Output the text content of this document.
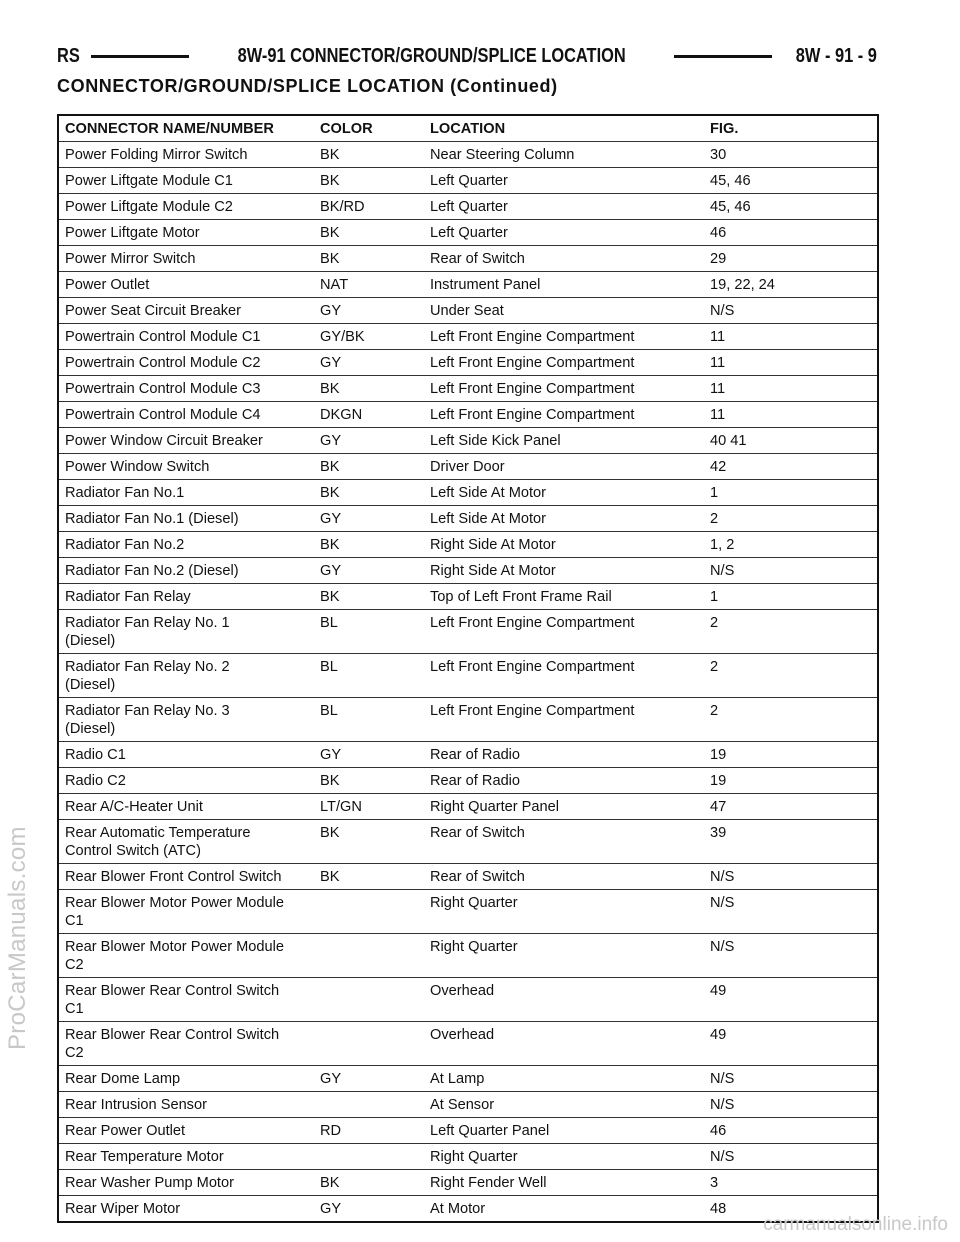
RS	8W-91 CONNECTOR/GROUND/SPLICE LOCATION	8W - 91 - 9
CONNECTOR/GROUND/SPLICE LOCATION (Continued)
CONNECTOR NAME/NUMBER	COLOR	LOCATION	FIG.
Power Folding Mirror Switch	BK	Near Steering Column	30
Power Liftgate Module C1	BK	Left Quarter	45, 46
Power Liftgate Module C2	BK/RD	Left Quarter	45, 46
Power Liftgate Motor	BK	Left Quarter	46
Power Mirror Switch	BK	Rear of Switch	29
Power Outlet	NAT	Instrument Panel	19, 22, 24
Power Seat Circuit Breaker	GY	Under Seat	N/S
Powertrain Control Module C1	GY/BK	Left Front Engine Compartment	11
Powertrain Control Module C2	GY	Left Front Engine Compartment	11
Powertrain Control Module C3	BK	Left Front Engine Compartment	11
Powertrain Control Module C4	DKGN	Left Front Engine Compartment	11
Power Window Circuit Breaker	GY	Left Side Kick Panel	40 41
Power Window Switch	BK	Driver Door	42
Radiator Fan No.1	BK	Left Side At Motor	1
Radiator Fan No.1 (Diesel)	GY	Left Side At Motor	2
Radiator Fan No.2	BK	Right Side At Motor	1, 2
Radiator Fan No.2 (Diesel)	GY	Right Side At Motor	N/S
Radiator Fan Relay	BK	Top of Left Front Frame Rail	1
Radiator Fan Relay No. 1
(Diesel)	BL	Left Front Engine Compartment	2
Radiator Fan Relay No. 2
(Diesel)	BL	Left Front Engine Compartment	2
Radiator Fan Relay No. 3
(Diesel)	BL	Left Front Engine Compartment	2
Radio C1	GY	Rear of Radio	19
Radio C2	BK	Rear of Radio	19
Rear A/C-Heater Unit	LT/GN	Right Quarter Panel	47
Rear Automatic Temperature
Control Switch (ATC)	BK	Rear of Switch	39
Rear Blower Front Control Switch	BK	Rear of Switch	N/S
Rear Blower Motor Power Module
C1		Right Quarter	N/S
Rear Blower Motor Power Module
C2		Right Quarter	N/S
Rear Blower Rear Control Switch
C1		Overhead	49
Rear Blower Rear Control Switch
C2		Overhead	49
Rear Dome Lamp	GY	At Lamp	N/S
Rear Intrusion Sensor		At Sensor	N/S
Rear Power Outlet	RD	Left Quarter Panel	46
Rear Temperature Motor		Right Quarter	N/S
Rear Washer Pump Motor	BK	Right Fender Well	3
Rear Wiper Motor	GY	At Motor	48
ProCarManuals.com
carmanualsonline.info
